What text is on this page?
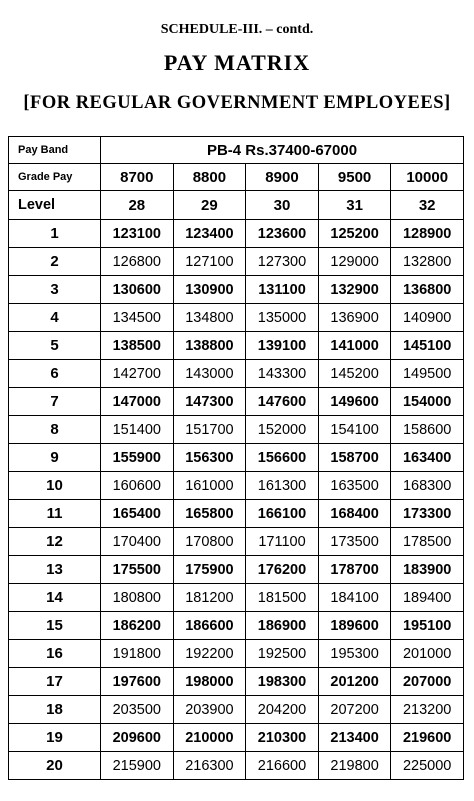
SCHEDULE-III. – contd.
PAY MATRIX
[FOR REGULAR GOVERNMENT EMPLOYEES]
Pay Band	PB-4 Rs.37400-67000				
Grade Pay	8700	8800	8900	9500	10000
Level	28	29	30	31	32
1	123100	123400	123600	125200	128900
2	126800	127100	127300	129000	132800
3	130600	130900	131100	132900	136800
4	134500	134800	135000	136900	140900
5	138500	138800	139100	141000	145100
6	142700	143000	143300	145200	149500
7	147000	147300	147600	149600	154000
8	151400	151700	152000	154100	158600
9	155900	156300	156600	158700	163400
10	160600	161000	161300	163500	168300
11	165400	165800	166100	168400	173300
12	170400	170800	171100	173500	178500
13	175500	175900	176200	178700	183900
14	180800	181200	181500	184100	189400
15	186200	186600	186900	189600	195100
16	191800	192200	192500	195300	201000
17	197600	198000	198300	201200	207000
18	203500	203900	204200	207200	213200
19	209600	210000	210300	213400	219600
20	215900	216300	216600	219800	225000
